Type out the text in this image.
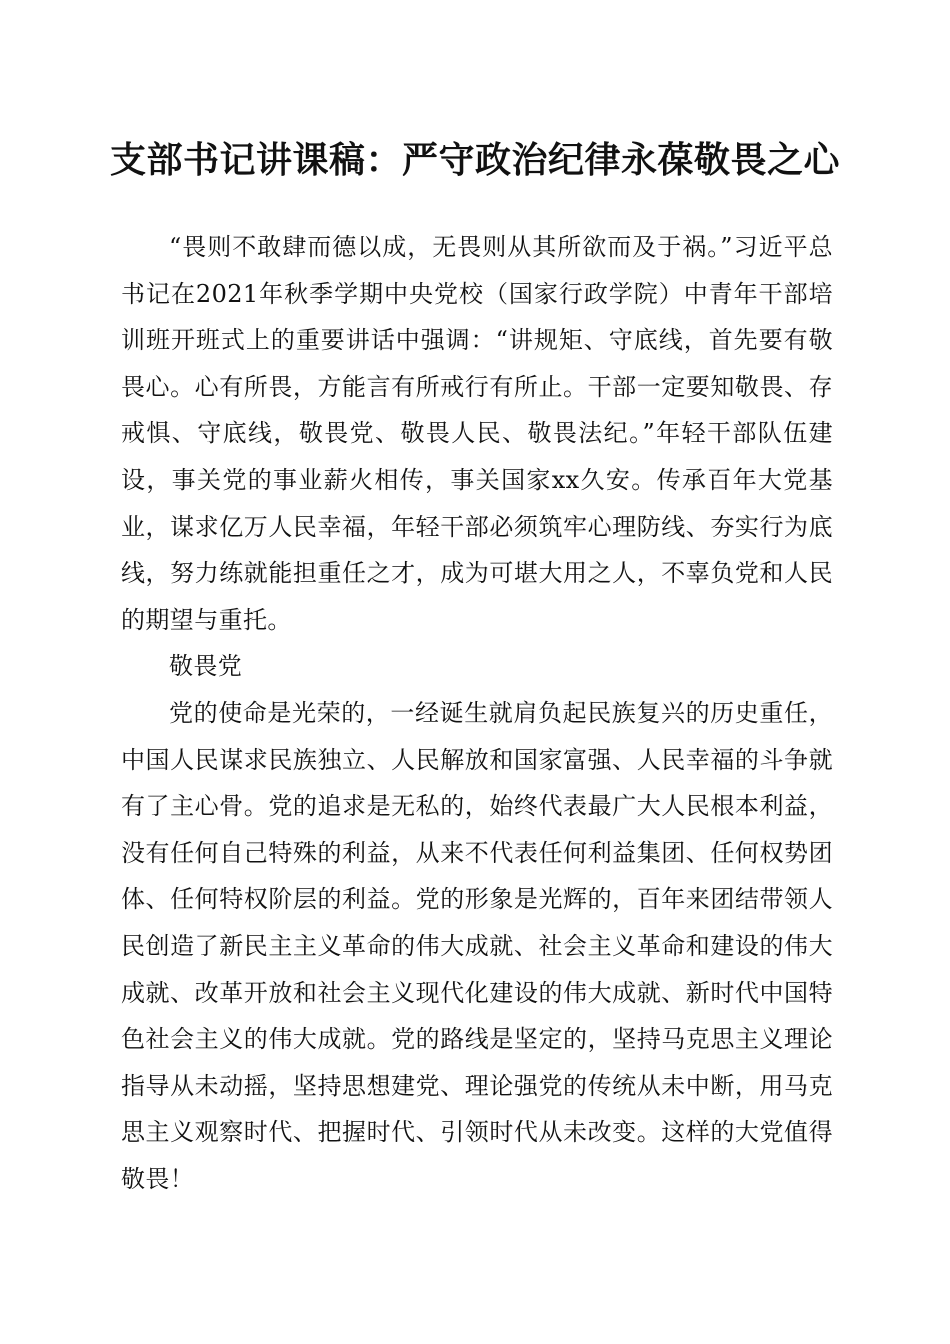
支部书记讲课稿：严守政治纪律永葆敬畏之心

“畏则不敢肆而德以成，无畏则从其所欲而及于祸。”习近平总书记在2021年秋季学期中央党校（国家行政学院）中青年干部培训班开班式上的重要讲话中强调：“讲规矩、守底线，首先要有敬畏心。心有所畏，方能言有所戒行有所止。干部一定要知敬畏、存戒惧、守底线，敬畏党、敬畏人民、敬畏法纪。”年轻干部队伍建设，事关党的事业薪火相传，事关国家xx久安。传承百年大党基业，谋求亿万人民幸福，年轻干部必须筑牢心理防线、夯实行为底线，努力练就能担重任之才，成为可堪大用之人，不辜负党和人民的期望与重托。

敬畏党

党的使命是光荣的，一经诞生就肩负起民族复兴的历史重任，中国人民谋求民族独立、人民解放和国家富强、人民幸福的斗争就有了主心骨。党的追求是无私的，始终代表最广大人民根本利益，没有任何自己特殊的利益，从来不代表任何利益集团、任何权势团体、任何特权阶层的利益。党的形象是光辉的，百年来团结带领人民创造了新民主主义革命的伟大成就、社会主义革命和建设的伟大成就、改革开放和社会主义现代化建设的伟大成就、新时代中国特色社会主义的伟大成就。党的路线是坚定的，坚持马克思主义理论指导从未动摇，坚持思想建党、理论强党的传统从未中断，用马克思主义观察时代、把握时代、引领时代从未改变。这样的大党值得敬畏！
